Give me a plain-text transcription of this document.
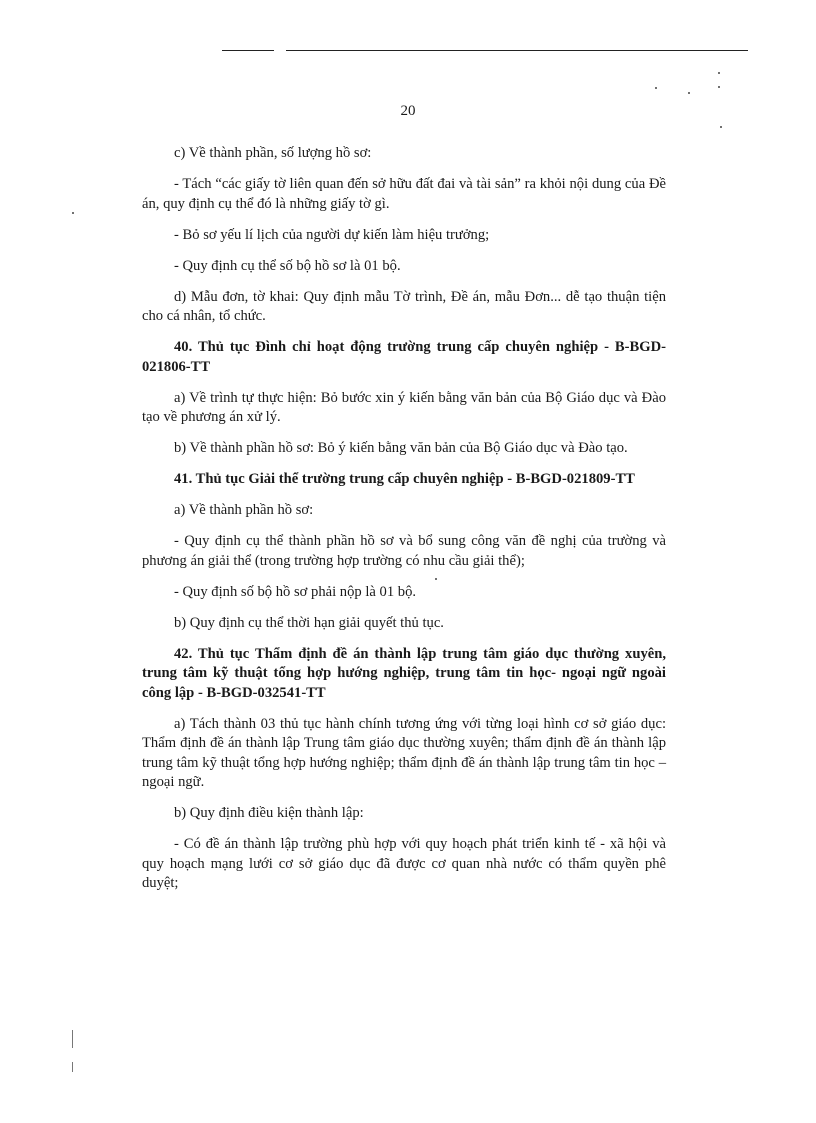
20

c) Về thành phần, số lượng hồ sơ:

- Tách “các giấy tờ liên quan đến sở hữu đất đai và tài sản” ra khỏi nội dung của Đề án, quy định cụ thể đó là những giấy tờ gì.

- Bỏ sơ yếu lí lịch của người dự kiến làm hiệu trưởng;

- Quy định cụ thể số bộ hồ sơ là 01 bộ.

d) Mẫu đơn, tờ khai: Quy định mẫu Tờ trình, Đề án, mẫu Đơn... dễ tạo thuận tiện cho cá nhân, tổ chức.

40. Thủ tục Đình chỉ hoạt động trường trung cấp chuyên nghiệp - B-BGD-021806-TT

a) Về trình tự thực hiện: Bỏ bước xin ý kiến bằng văn bản của Bộ Giáo dục và Đào tạo về phương án xử lý.

b) Về thành phần hồ sơ: Bỏ ý kiến bằng văn bản của Bộ Giáo dục và Đào tạo.

41. Thủ tục Giải thể trường trung cấp chuyên nghiệp - B-BGD-021809-TT

a) Về thành phần hồ sơ:

- Quy định cụ thể thành phần hồ sơ và bổ sung công văn đề nghị của trường và phương án giải thể (trong trường hợp trường có nhu cầu giải thể);

- Quy định số bộ hồ sơ phải nộp là 01 bộ.

b) Quy định cụ thể thời hạn giải quyết thủ tục.

42. Thủ tục Thẩm định đề án thành lập trung tâm giáo dục thường xuyên, trung tâm kỹ thuật tổng hợp hướng nghiệp, trung tâm tin học- ngoại ngữ ngoài công lập - B-BGD-032541-TT

a) Tách thành 03 thủ tục hành chính tương ứng với từng loại hình cơ sở giáo dục: Thẩm định đề án thành lập Trung tâm giáo dục thường xuyên; thẩm định đề án thành lập trung tâm kỹ thuật tổng hợp hướng nghiệp; thẩm định đề án thành lập trung tâm tin học – ngoại ngữ.

b) Quy định điều kiện thành lập:

- Có đề án thành lập trường phù hợp với quy hoạch phát triển kinh tế - xã hội và quy hoạch mạng lưới cơ sở giáo dục đã được cơ quan nhà nước có thẩm quyền phê duyệt;
